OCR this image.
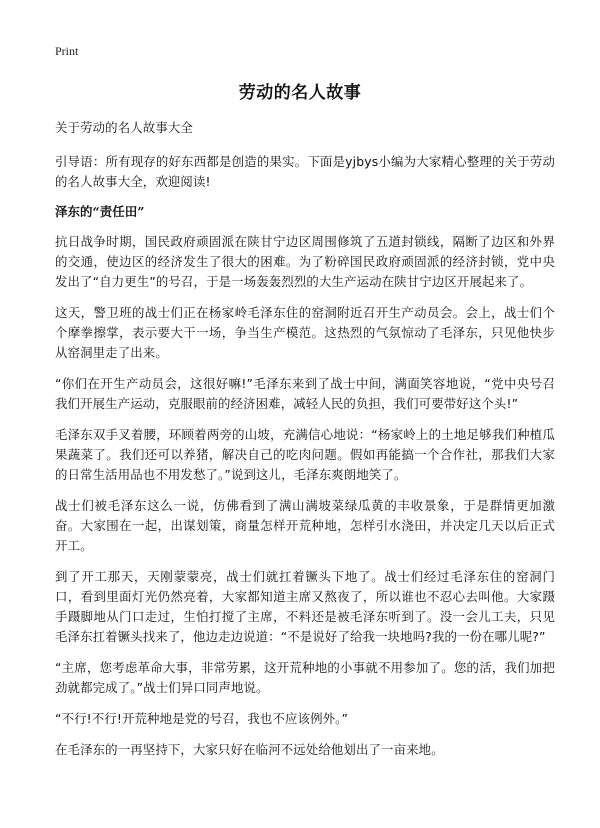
Print
劳动的名人故事

关于劳动的名人故事大全

引导语：所有现存的好东西都是创造的果实。下面是yjbys小编为大家精心整理的关于劳动的名人故事大全，欢迎阅读!

泽东的“责任田”

抗日战争时期，国民政府顽固派在陕甘宁边区周围修筑了五道封锁线，隔断了边区和外界的交通，使边区的经济发生了很大的困难。为了粉碎国民政府顽固派的经济封锁，党中央发出了“自力更生”的号召，于是一场轰轰烈烈的大生产运动在陕甘宁边区开展起来了。

这天，警卫班的战士们正在杨家岭毛泽东住的窑洞附近召开生产动员会。会上，战士们个个摩拳擦掌，表示要大干一场，争当生产模范。这热烈的气氛惊动了毛泽东，只见他快步从窑洞里走了出来。

“你们在开生产动员会，这很好嘛!”毛泽东来到了战士中间，满面笑容地说，“党中央号召我们开展生产运动，克服眼前的经济困难，减轻人民的负担，我们可要带好这个头!”

毛泽东双手叉着腰，环顾着两旁的山坡，充满信心地说：“杨家岭上的土地足够我们种植瓜果蔬菜了。我们还可以养猪，解决自己的吃肉问题。假如再能搞一个合作社，那我们大家的日常生活用品也不用发愁了。”说到这儿，毛泽东爽朗地笑了。

战士们被毛泽东这么一说，仿佛看到了满山满坡菜绿瓜黄的丰收景象，于是群情更加激奋。大家围在一起，出谋划策，商量怎样开荒种地，怎样引水浇田，并决定几天以后正式开工。

到了开工那天，天刚蒙蒙亮，战士们就扛着镢头下地了。战士们经过毛泽东住的窑洞门口，看到里面灯光仍然亮着，大家都知道主席又熬夜了，所以谁也不忍心去叫他。大家蹑手蹑脚地从门口走过，生怕打搅了主席，不料还是被毛泽东听到了。没一会儿工夫，只见毛泽东扛着镢头找来了，他边走边说道：“不是说好了给我一块地吗?我的一份在哪儿呢?”

“主席，您考虑革命大事，非常劳累，这开荒种地的小事就不用参加了。您的活，我们加把劲就都完成了。”战士们异口同声地说。

“不行!不行!开荒种地是党的号召，我也不应该例外。”

在毛泽东的一再坚持下，大家只好在临河不远处给他划出了一亩来地。
